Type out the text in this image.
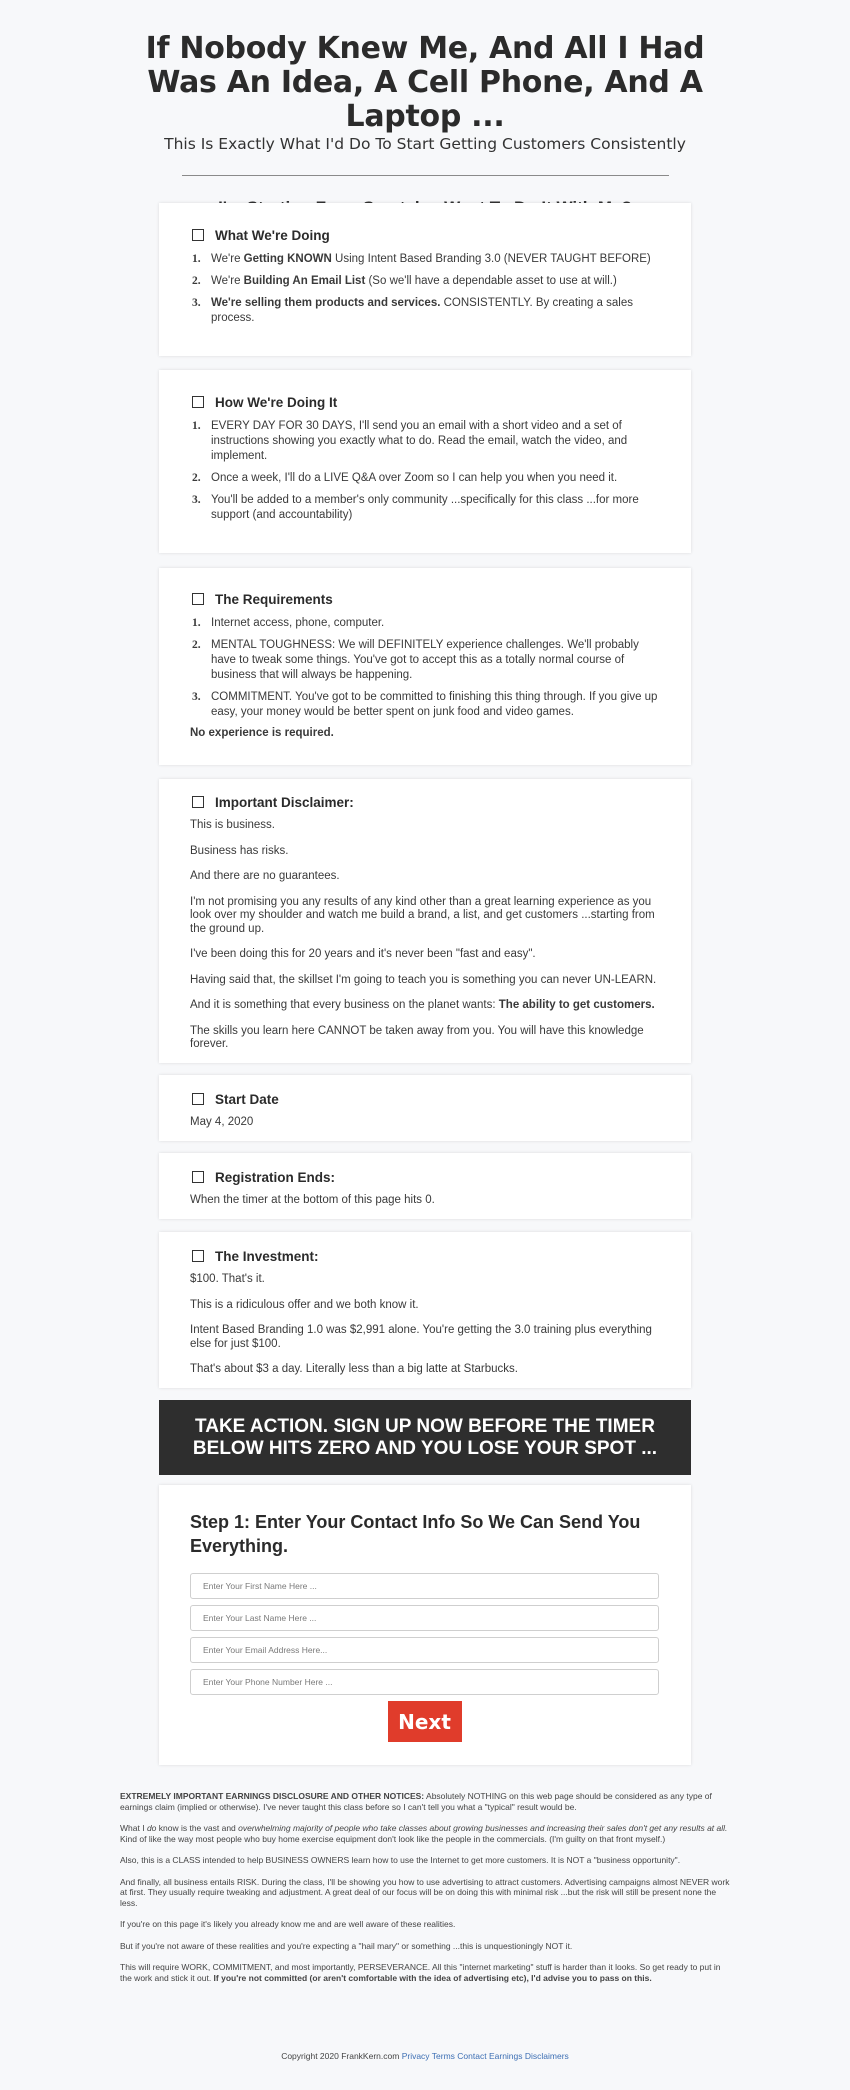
If Nobody Knew Me, And All I Had Was An Idea, A Cell Phone, And A Laptop ...
This Is Exactly What I'd Do To Start Getting Customers Consistently
What We're Doing
1. We're Getting KNOWN Using Intent Based Branding 3.0 (NEVER TAUGHT BEFORE)
2. We're Building An Email List (So we'll have a dependable asset to use at will.)
3. We're selling them products and services. CONSISTENTLY. By creating a sales process.
How We're Doing It
1. EVERY DAY FOR 30 DAYS, I'll send you an email with a short video and a set of instructions showing you exactly what to do. Read the email, watch the video, and implement.
2. Once a week, I'll do a LIVE Q&A over Zoom so I can help you when you need it.
3. You'll be added to a member's only community ...specifically for this class ...for more support (and accountability)
The Requirements
1. Internet access, phone, computer.
2. MENTAL TOUGHNESS: We will DEFINITELY experience challenges. We'll probably have to tweak some things. You've got to accept this as a totally normal course of business that will always be happening.
3. COMMITMENT. You've got to be committed to finishing this thing through. If you give up easy, your money would be better spent on junk food and video games.
No experience is required.
Important Disclaimer:
This is business.
Business has risks.
And there are no guarantees.
I'm not promising you any results of any kind other than a great learning experience as you look over my shoulder and watch me build a brand, a list, and get customers ...starting from the ground up.
I've been doing this for 20 years and it's never been "fast and easy".
Having said that, the skillset I'm going to teach you is something you can never UN-LEARN.
And it is something that every business on the planet wants: The ability to get customers.
The skills you learn here CANNOT be taken away from you. You will have this knowledge forever.
Start Date
May 4, 2020
Registration Ends:
When the timer at the bottom of this page hits 0.
The Investment:
$100. That's it.
This is a ridiculous offer and we both know it.
Intent Based Branding 1.0 was $2,991 alone. You're getting the 3.0 training plus everything else for just $100.
That's about $3 a day. Literally less than a big latte at Starbucks.
TAKE ACTION. SIGN UP NOW BEFORE THE TIMER BELOW HITS ZERO AND YOU LOSE YOUR SPOT ...
Step 1: Enter Your Contact Info So We Can Send You Everything.
Enter Your First Name Here ...
Enter Your Last Name Here ...
Enter Your Email Address Here...
Enter Your Phone Number Here ...
Next

EXTREMELY IMPORTANT EARNINGS DISCLOSURE AND OTHER NOTICES: Absolutely NOTHING on this web page should be considered as any type of earnings claim (implied or otherwise). I've never taught this class before so I can't tell you what a "typical" result would be.

What I do know is the vast and overwhelming majority of people who take classes about growing businesses and increasing their sales don't get any results at all. Kind of like the way most people who buy home exercise equipment don't look like the people in the commercials. (I'm guilty on that front myself.)

Also, this is a CLASS intended to help BUSINESS OWNERS learn how to use the Internet to get more customers. It is NOT a "business opportunity".

And finally, all business entails RISK. During the class, I'll be showing you how to use advertising to attract customers. Advertising campaigns almost NEVER work at first. They usually require tweaking and adjustment. A great deal of our focus will be on doing this with minimal risk ...but the risk will still be present none the less.

If you're on this page it's likely you already know me and are well aware of these realities.

But if you're not aware of these realities and you're expecting a "hail mary" or something ...this is unquestioningly NOT it.

This will require WORK, COMMITMENT, and most importantly, PERSEVERANCE. All this "internet marketing" stuff is harder than it looks. So get ready to put in the work and stick it out. If you're not committed (or aren't comfortable with the idea of advertising etc), I'd advise you to pass on this.

Copyright 2020 FrankKern.com Privacy Terms Contact Earnings Disclaimers
